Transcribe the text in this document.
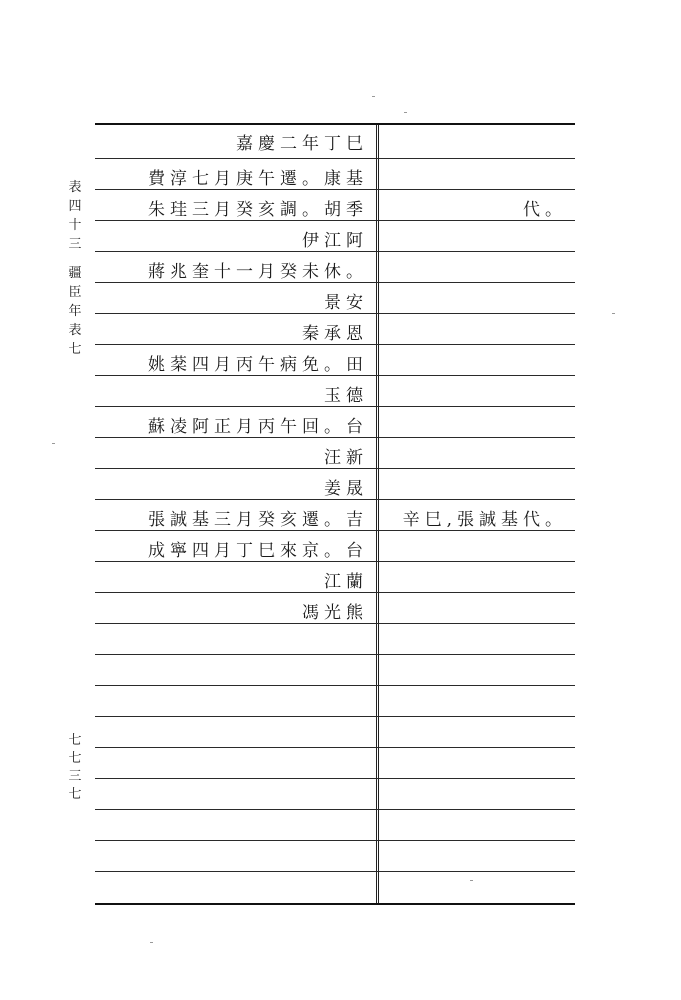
表
四
十
三
疆
臣
年
表
七
七
七
三
七
嘉慶二年丁巳
費淳七月庚午遷。康基
朱珪三月癸亥調。胡季	代。
伊江阿
蔣兆奎十一月癸未休。
景安
秦承恩
姚棻四月丙午病免。田
玉德
蘇凌阿正月丙午回。台
汪新
姜晟
張誠基三月癸亥遷。吉 辛巳,張誠基代。
成寧四月丁巳來京。台
江蘭
馮光熊
